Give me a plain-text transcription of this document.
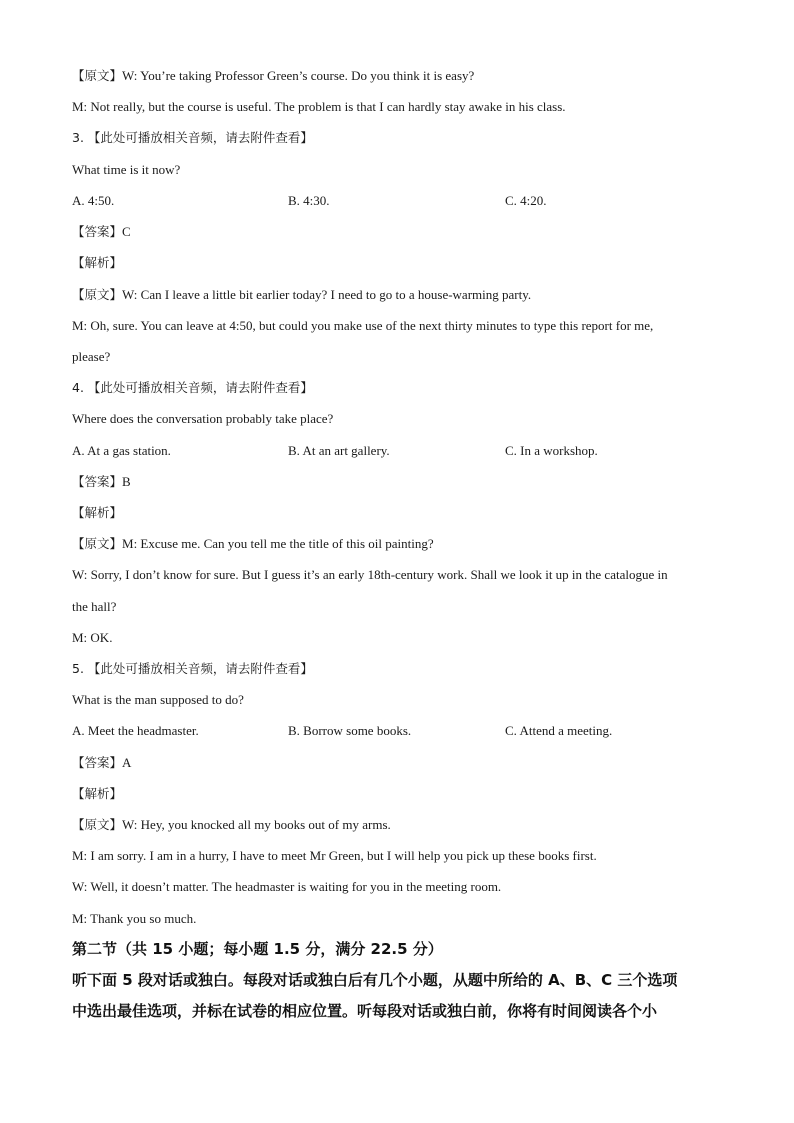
【原文】W: You’re taking Professor Green’s course. Do you think it is easy?
M: Not really, but the course is useful. The problem is that I can hardly stay awake in his class.
3. 【此处可播放相关音频，请去附件查看】
What time is it now?
A. 4:50.	B. 4:30.	C. 4:20.
【答案】C
【解析】
【原文】W: Can I leave a little bit earlier today? I need to go to a house-warming party.
M: Oh, sure. You can leave at 4:50, but could you make use of the next thirty minutes to type this report for me,
please?
4. 【此处可播放相关音频，请去附件查看】
Where does the conversation probably take place?
A. At a gas station.	B. At an art gallery.	C. In a workshop.
【答案】B
【解析】
【原文】M: Excuse me. Can you tell me the title of this oil painting?
W: Sorry, I don’t know for sure. But I guess it’s an early 18th-century work. Shall we look it up in the catalogue in
the hall?
M: OK.
5. 【此处可播放相关音频，请去附件查看】
What is the man supposed to do?
A. Meet the headmaster.	B. Borrow some books.	C. Attend a meeting.
【答案】A
【解析】
【原文】W: Hey, you knocked all my books out of my arms.
M: I am sorry. I am in a hurry, I have to meet Mr Green, but I will help you pick up these books first.
W: Well, it doesn’t matter. The headmaster is waiting for you in the meeting room.
M: Thank you so much.
第二节（共 15 小题；每小题 1.5 分，满分 22.5 分）
听下面 5 段对话或独白。每段对话或独白后有几个小题，从题中所给的 A、B、C 三个选项
中选出最佳选项，并标在试卷的相应位置。听每段对话或独白前，你将有时间阅读各个小
